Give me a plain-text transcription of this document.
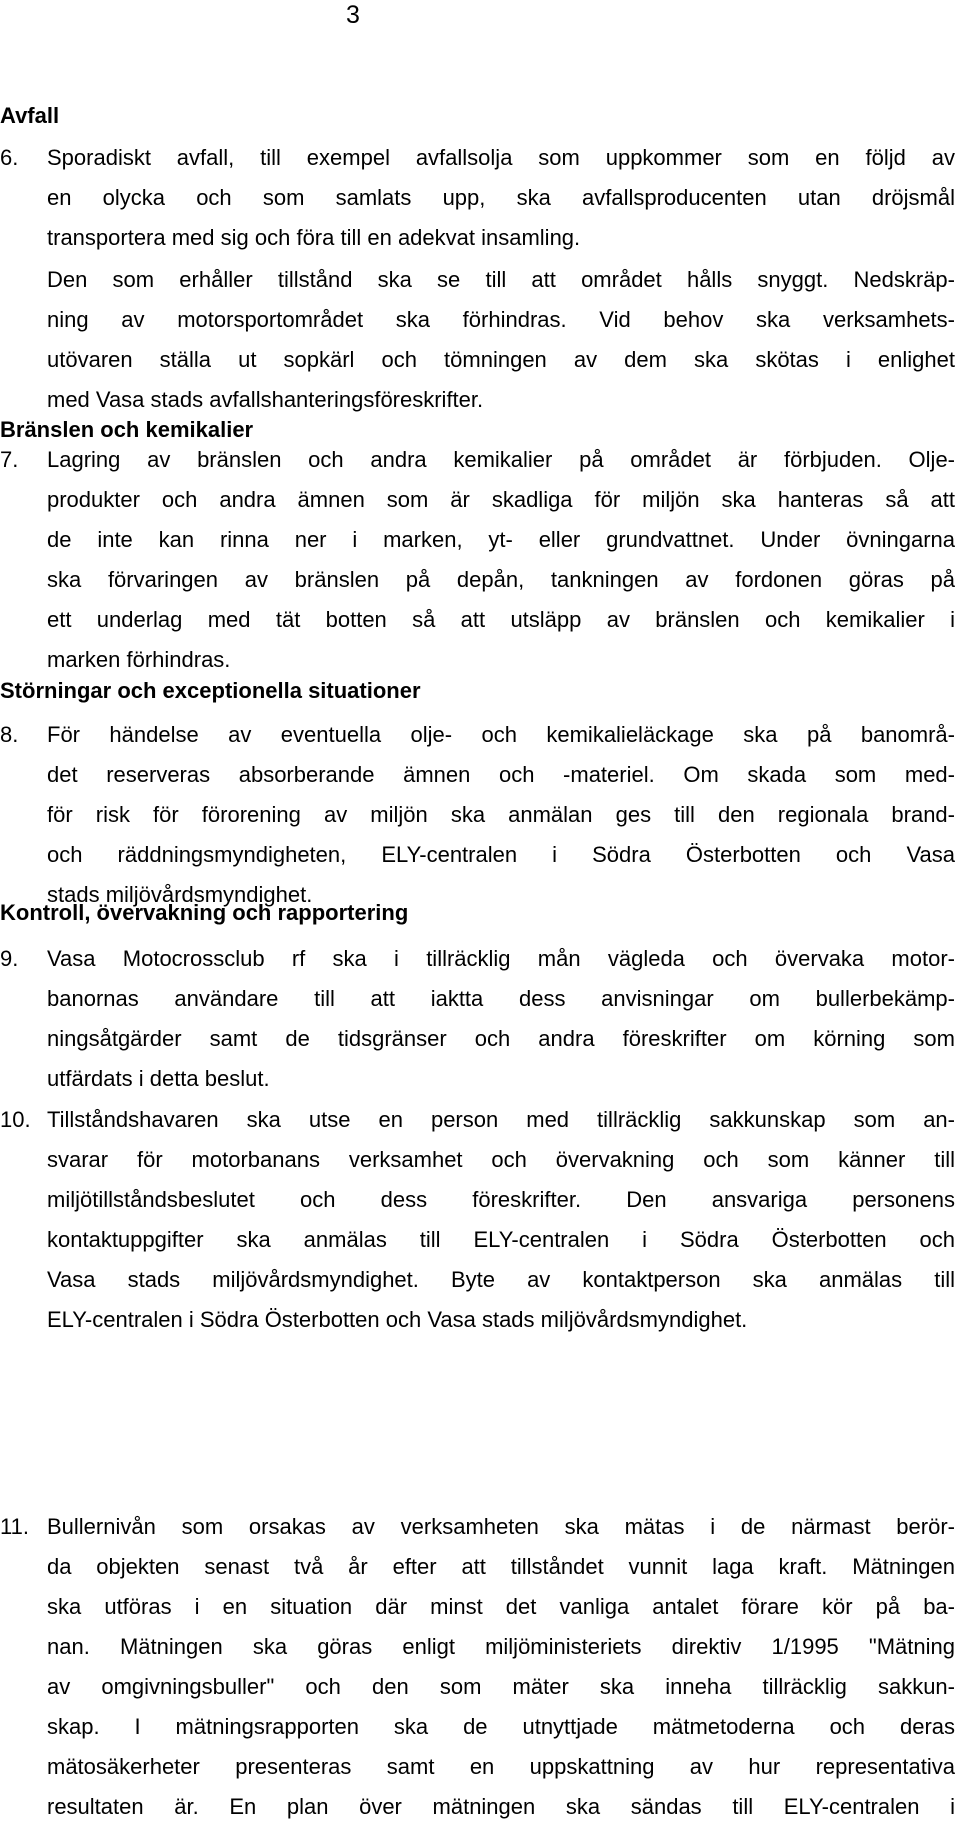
3
Avfall
6. Sporadiskt avfall, till exempel avfallsolja som uppkommer som en följd av
en olycka och som samlats upp, ska avfallsproducenten utan dröjsmål
transportera med sig och föra till en adekvat insamling.
Den som erhåller tillstånd ska se till att området hålls snyggt. Nedskräp-
ning av motorsportområdet ska förhindras. Vid behov ska verksamhets-
utövaren ställa ut sopkärl och tömningen av dem ska skötas i enlighet
med Vasa stads avfallshanteringsföreskrifter.
Bränslen och kemikalier
7. Lagring av bränslen och andra kemikalier på området är förbjuden. Olje-
produkter och andra ämnen som är skadliga för miljön ska hanteras så att
de inte kan rinna ner i marken, yt- eller grundvattnet. Under övningarna
ska förvaringen av bränslen på depån, tankningen av fordonen göras på
ett underlag med tät botten så att utsläpp av bränslen och kemikalier i
marken förhindras.
Störningar och exceptionella situationer
8. För händelse av eventuella olje- och kemikalieläckage ska på banområ-
det reserveras absorberande ämnen och -materiel. Om skada som med-
för risk för förorening av miljön ska anmälan ges till den regionala brand-
och räddningsmyndigheten, ELY-centralen i Södra Österbotten och Vasa
stads miljövårdsmyndighet.
Kontroll, övervakning och rapportering
9. Vasa Motocrossclub rf ska i tillräcklig mån vägleda och övervaka motor-
banornas användare till att iaktta dess anvisningar om bullerbekämp-
ningsåtgärder samt de tidsgränser och andra föreskrifter om körning som
utfärdats i detta beslut.
10. Tillståndshavaren ska utse en person med tillräcklig sakkunskap som an-
svarar för motorbanans verksamhet och övervakning och som känner till
miljötillståndsbeslutet och dess föreskrifter. Den ansvariga personens
kontaktuppgifter ska anmälas till ELY-centralen i Södra Österbotten och
Vasa stads miljövårdsmyndighet. Byte av kontaktperson ska anmälas till
ELY-centralen i Södra Österbotten och Vasa stads miljövårdsmyndighet.
11. Bullernivån som orsakas av verksamheten ska mätas i de närmast berör-
da objekten senast två år efter att tillståndet vunnit laga kraft. Mätningen
ska utföras i en situation där minst det vanliga antalet förare kör på ba-
nan. Mätningen ska göras enligt miljöministeriets direktiv 1/1995 "Mätning
av omgivningsbuller" och den som mäter ska inneha tillräcklig sakkun-
skap. I mätningsrapporten ska de utnyttjade mätmetoderna och deras
mätosäkerheter presenteras samt en uppskattning av hur representativa
resultaten är. En plan över mätningen ska sändas till ELY-centralen i
